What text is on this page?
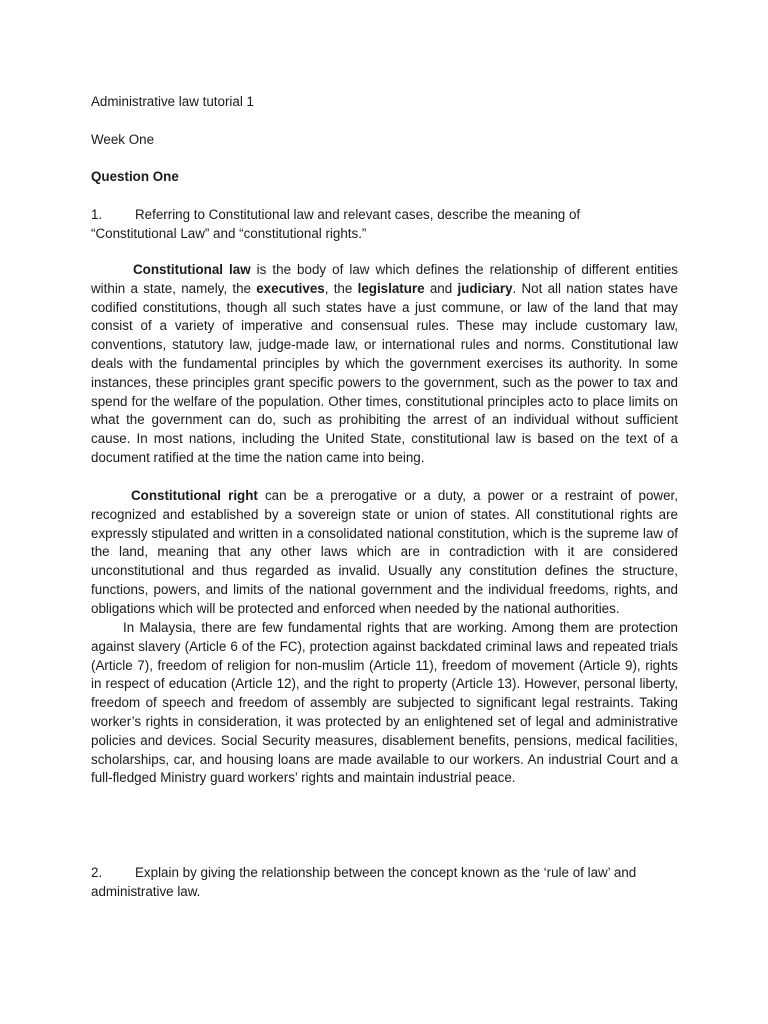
Administrative law tutorial 1
Week One
Question One
1. Referring to Constitutional law and relevant cases, describe the meaning of
“Constitutional Law” and “constitutional rights.”
Constitutional law is the body of law which defines the relationship of different entities within a state, namely, the executives, the legislature and judiciary. Not all nation states have codified constitutions, though all such states have a just commune, or law of the land that may consist of a variety of imperative and consensual rules. These may include customary law, conventions, statutory law, judge-made law, or international rules and norms. Constitutional law deals with the fundamental principles by which the government exercises its authority. In some instances, these principles grant specific powers to the government, such as the power to tax and spend for the welfare of the population. Other times, constitutional principles acto to place limits on what the government can do, such as prohibiting the arrest of an individual without sufficient cause. In most nations, including the United State, constitutional law is based on the text of a document ratified at the time the nation came into being.
Constitutional right can be a prerogative or a duty, a power or a restraint of power, recognized and established by a sovereign state or union of states. All constitutional rights are expressly stipulated and written in a consolidated national constitution, which is the supreme law of the land, meaning that any other laws which are in contradiction with it are considered unconstitutional and thus regarded as invalid. Usually any constitution defines the structure, functions, powers, and limits of the national government and the individual freedoms, rights, and obligations which will be protected and enforced when needed by the national authorities.
In Malaysia, there are few fundamental rights that are working. Among them are protection against slavery (Article 6 of the FC), protection against backdated criminal laws and repeated trials (Article 7), freedom of religion for non-muslim (Article 11), freedom of movement (Article 9), rights in respect of education (Article 12), and the right to property (Article 13). However, personal liberty, freedom of speech and freedom of assembly are subjected to significant legal restraints. Taking worker’s rights in consideration, it was protected by an enlightened set of legal and administrative policies and devices. Social Security measures, disablement benefits, pensions, medical facilities, scholarships, car, and housing loans are made available to our workers. An industrial Court and a full-fledged Ministry guard workers’ rights and maintain industrial peace.
2. Explain by giving the relationship between the concept known as the ‘rule of law’ and
administrative law.
